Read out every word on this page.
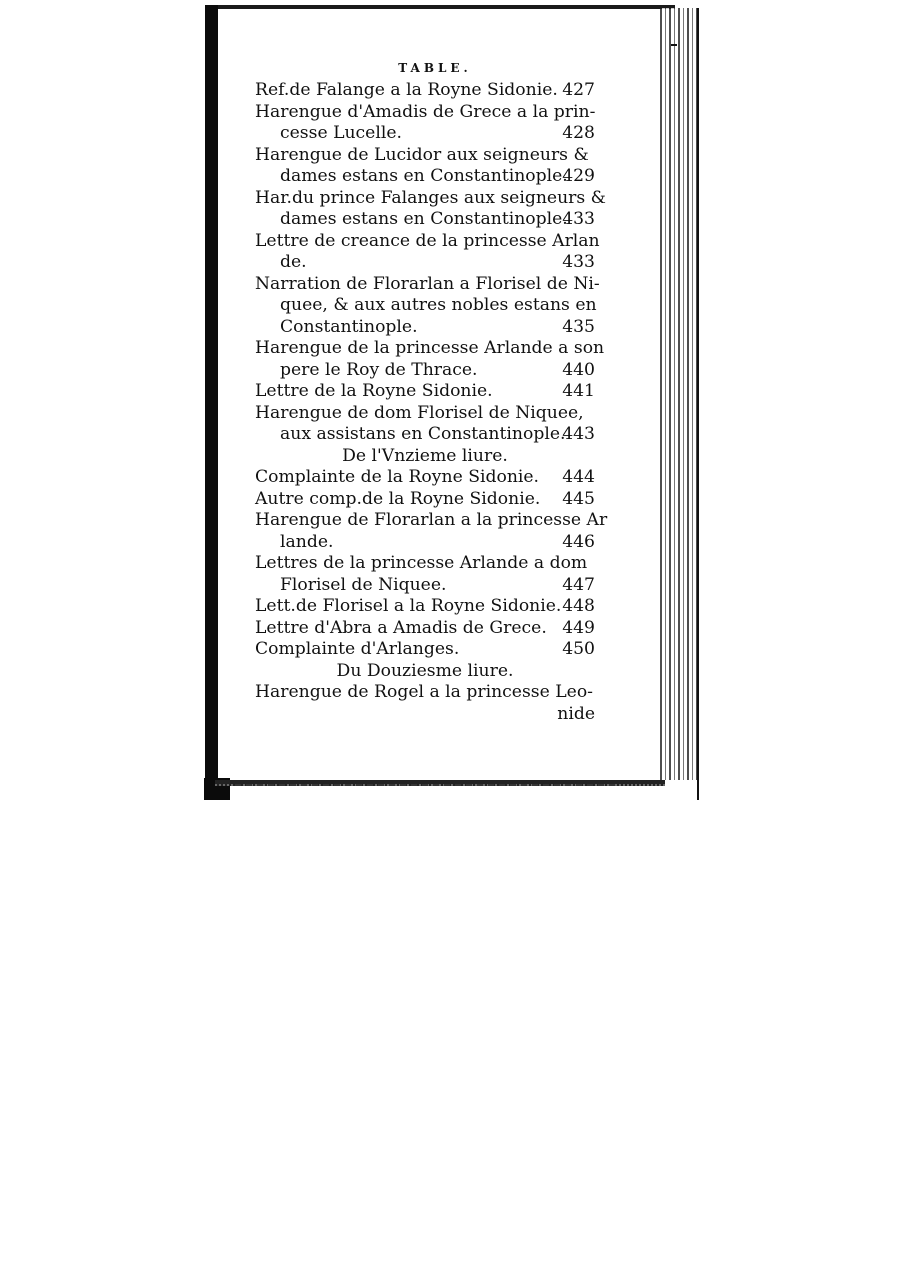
TABLE.
Ref.de Falange a la Royne Sidonie. 427
Harengue d'Amadis de Grece a la prin-
cesse Lucelle.	428
Harengue de Lucidor aux seigneurs &
dames estans en Constantinople.
429
Har.du prince Falanges aux seigneurs &
dames estans en Constantinople.
433
Lettre de creance de la princesse Arlan
de.	433
Narration de Florarlan a Florisel de Ni-
quee, & aux autres nobles estans en
Constantinople.	435
Harengue de la princesse Arlande a son
pere le Roy de Thrace.	440
Lettre de la Royne Sidonie.	441
Harengue de dom Florisel de Niquee,
aux assistans en Constantinople.
443
De l'Vnzieme liure.
Complainte de la Royne Sidonie.	444
Autre comp.de la Royne Sidonie.	445
Harengue de Florarlan a la princesse Ar
lande.	446
Lettres de la princesse Arlande a dom
Florisel de Niquee.	447
Lett.de Florisel a la Royne Sidonie. 448
Lettre d'Abra a Amadis de Grece. 449
Complainte d'Arlanges.	450
Du Douziesme liure.
Harengue de Rogel a la princesse Leo-
nide
